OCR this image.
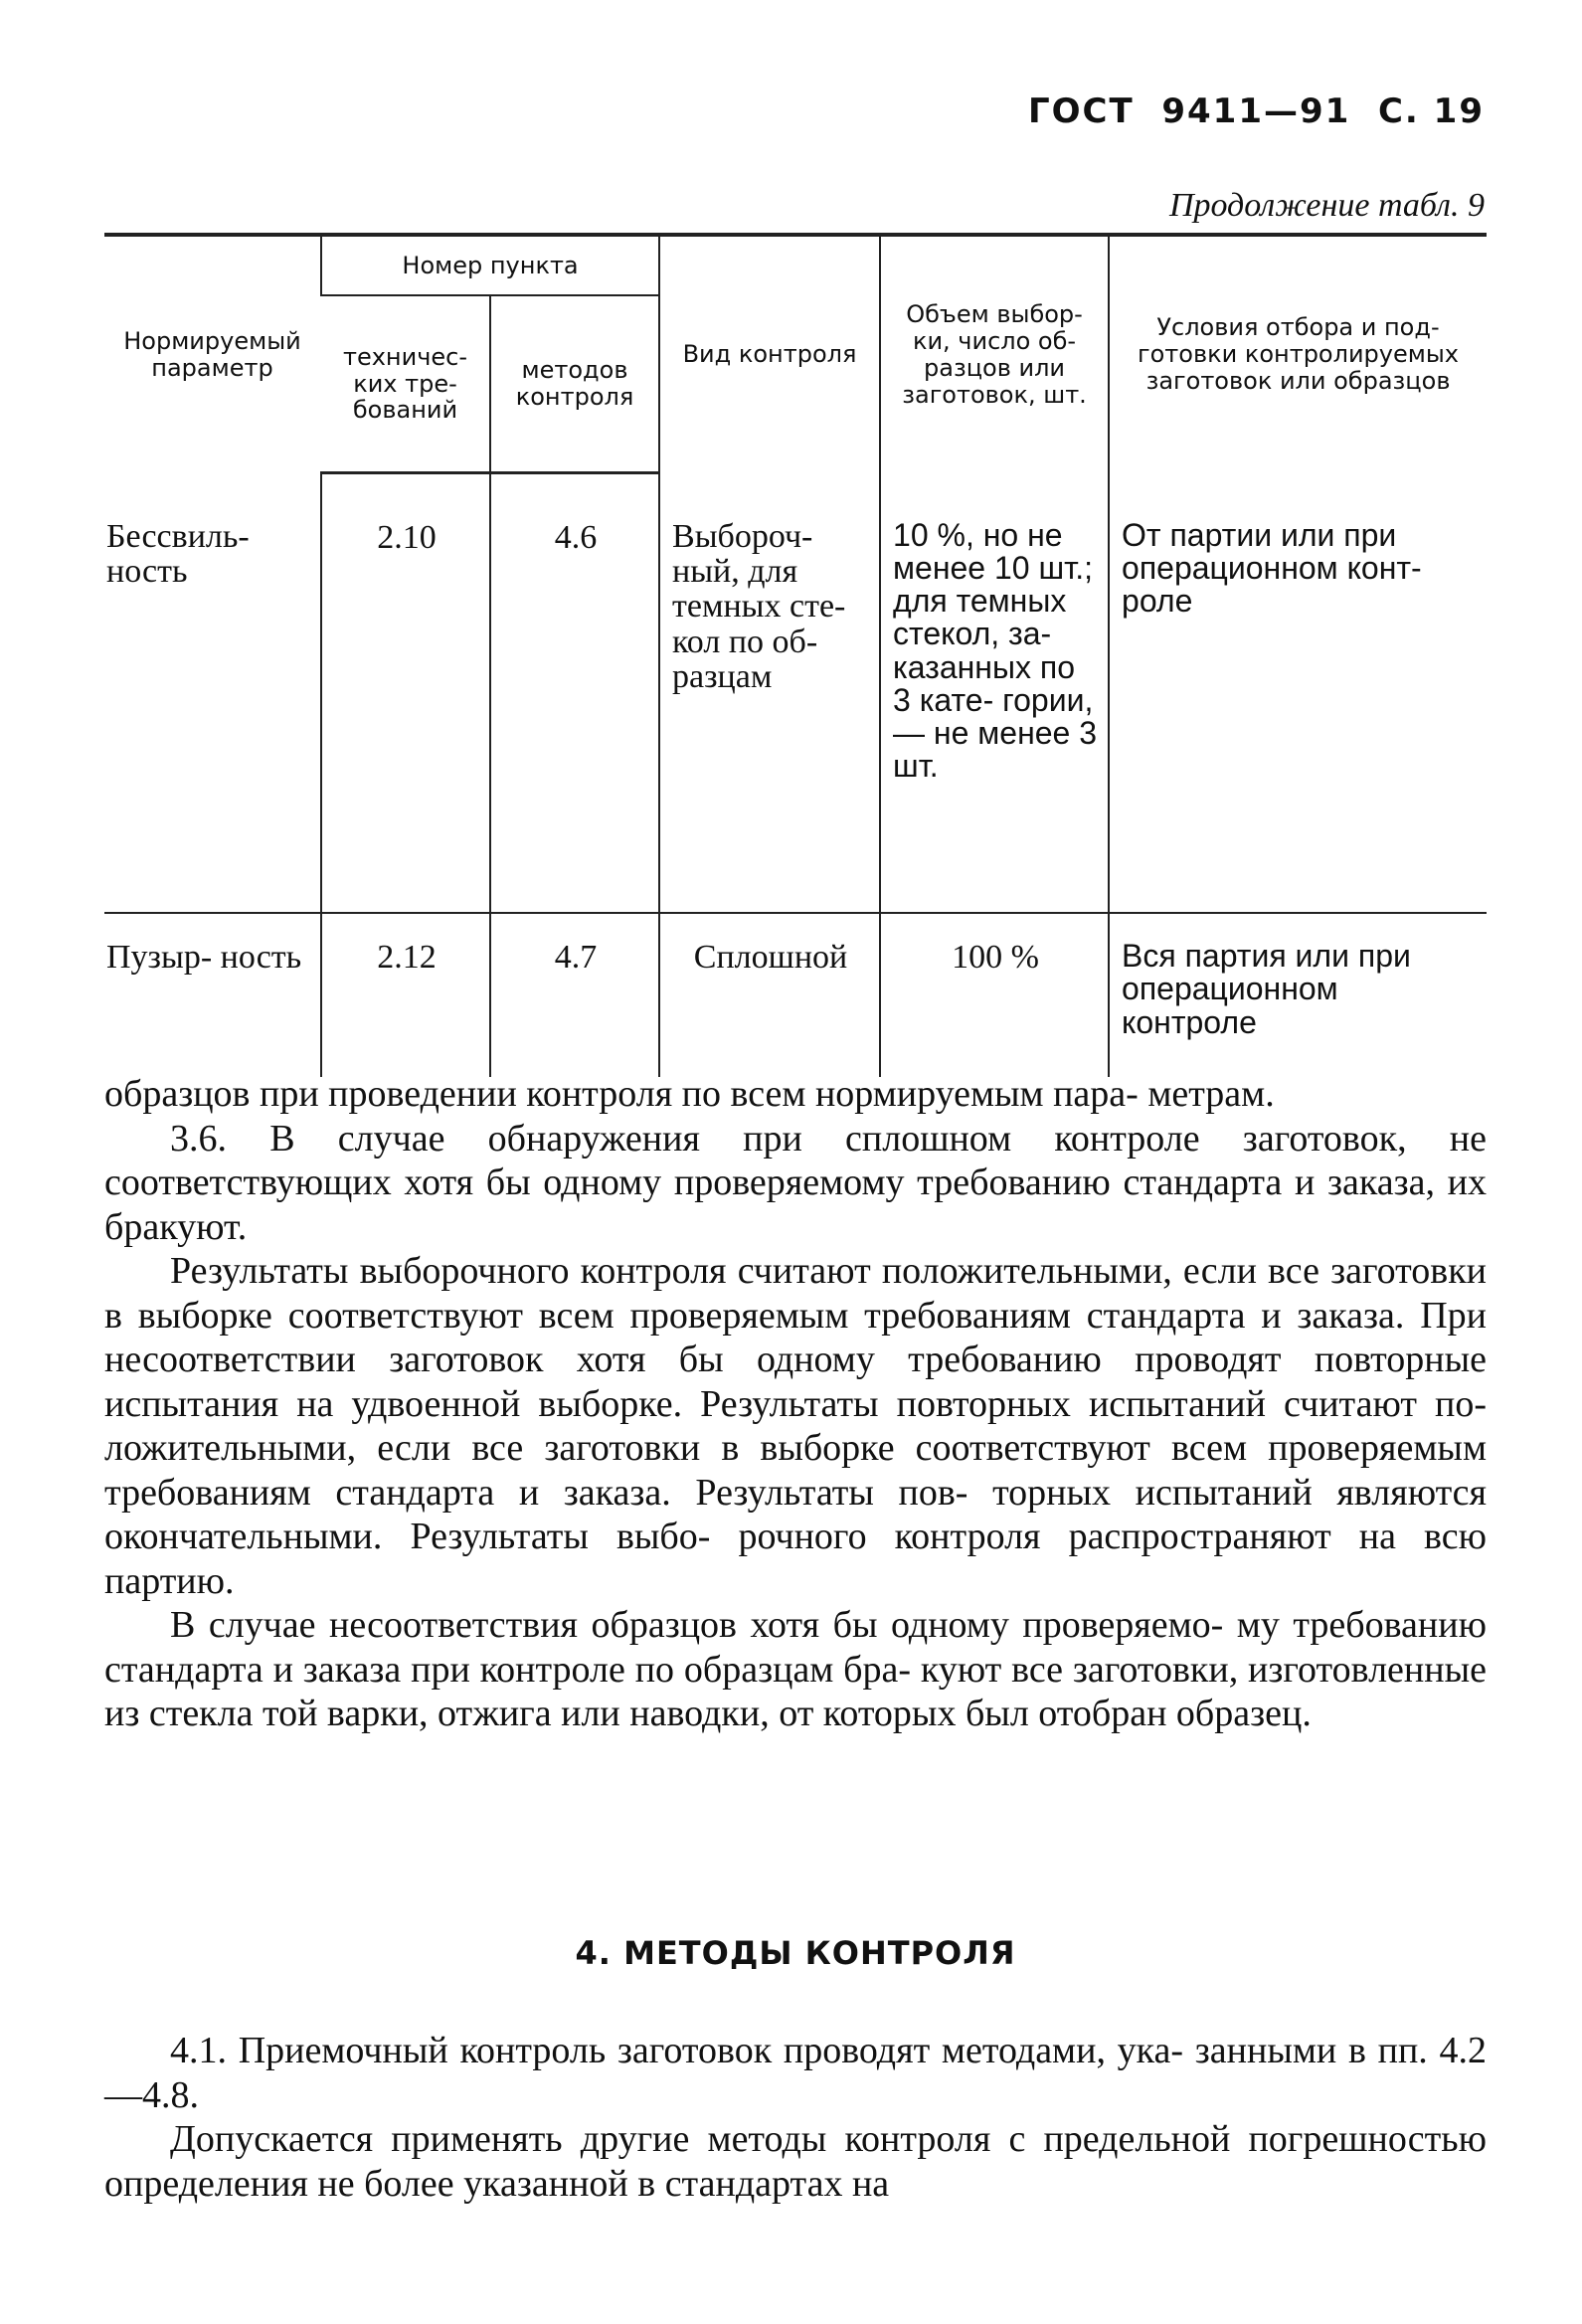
ГОСТ  9411—91  С. 19
Продолжение табл. 9
Нормируемый параметр	Номер пункта		Вид контроля	Объем выбор- ки, число об- разцов или заготовок, шт.	Условия отбора и под- готовки контролируемых заготовок или образцов
	техничес- ких тре- бований	методов контроля			
Бессвиль- ность	2.10	4.6	Выбороч- ный, для темных сте- кол по об- разцам	10 %, но не менее 10 шт.; для темных стекол, за- казанных по 3 кате- гории, — не менее 3 шт.	От партии или при операционном конт- роле
Пузыр- ность	2.12	4.7	Сплошной	100 %	Вся партия или при операционном контроле

образцов при проведении контроля по всем нормируемым пара- метрам.

3.6. В случае обнаружения при сплошном контроле заготовок, не соответствующих хотя бы одному проверяемому требованию стандарта и заказа, их бракуют.

Результаты выборочного контроля считают положительными, если все заготовки в выборке соответствуют всем проверяемым требованиям стандарта и заказа. При несоответствии заготовок хотя бы одному требованию проводят повторные испытания на удвоенной выборке. Результаты повторных испытаний считают по- ложительными, если все заготовки в выборке соответствуют всем проверяемым требованиям стандарта и заказа. Результаты пов- торных испытаний являются окончательными. Результаты выбо- рочного контроля распространяют на всю партию.

В случае несоответствия образцов хотя бы одному проверяемо- му требованию стандарта и заказа при контроле по образцам бра- куют все заготовки, изготовленные из стекла той варки, отжига или наводки, от которых был отобран образец.

4. МЕТОДЫ КОНТРОЛЯ

4.1. Приемочный контроль заготовок проводят методами, ука- занными в пп. 4.2—4.8.

Допускается применять другие методы контроля с предельной погрешностью определения не более указанной в стандартах на
